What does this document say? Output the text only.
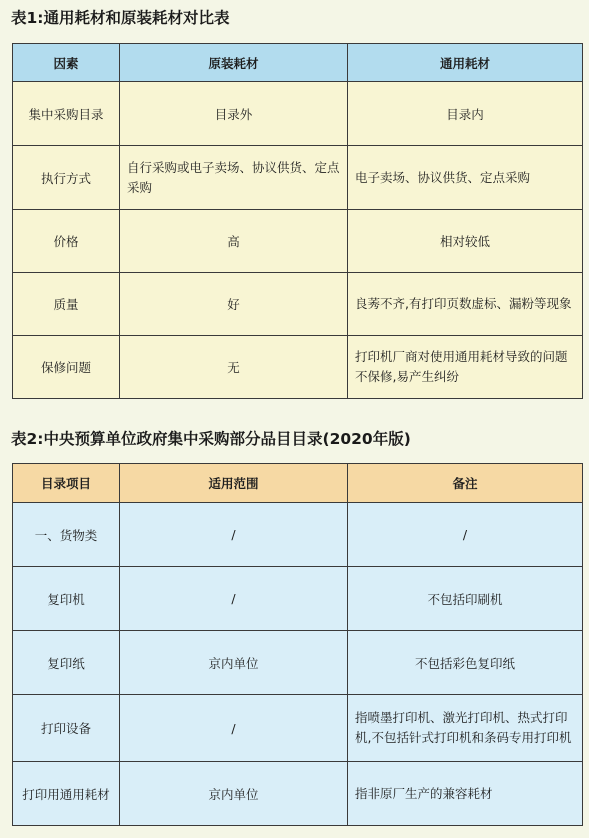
表1:通用耗材和原装耗材对比表
因素	原装耗材	通用耗材
集中采购目录	目录外	目录内
执行方式	自行采购或电子卖场、协议供货、定点采购	电子卖场、协议供货、定点采购
价格	高	相对较低
质量	好	良莠不齐,有打印页数虚标、漏粉等现象
保修问题	无	打印机厂商对使用通用耗材导致的问题不保修,易产生纠纷
表2:中央预算单位政府集中采购部分品目目录(2020年版)
目录项目	适用范围	备注
一、货物类	/	/
复印机	/	不包括印刷机
复印纸	京内单位	不包括彩色复印纸
打印设备	/	指喷墨打印机、激光打印机、热式打印机,不包括针式打印机和条码专用打印机
打印用通用耗材	京内单位	指非原厂生产的兼容耗材
